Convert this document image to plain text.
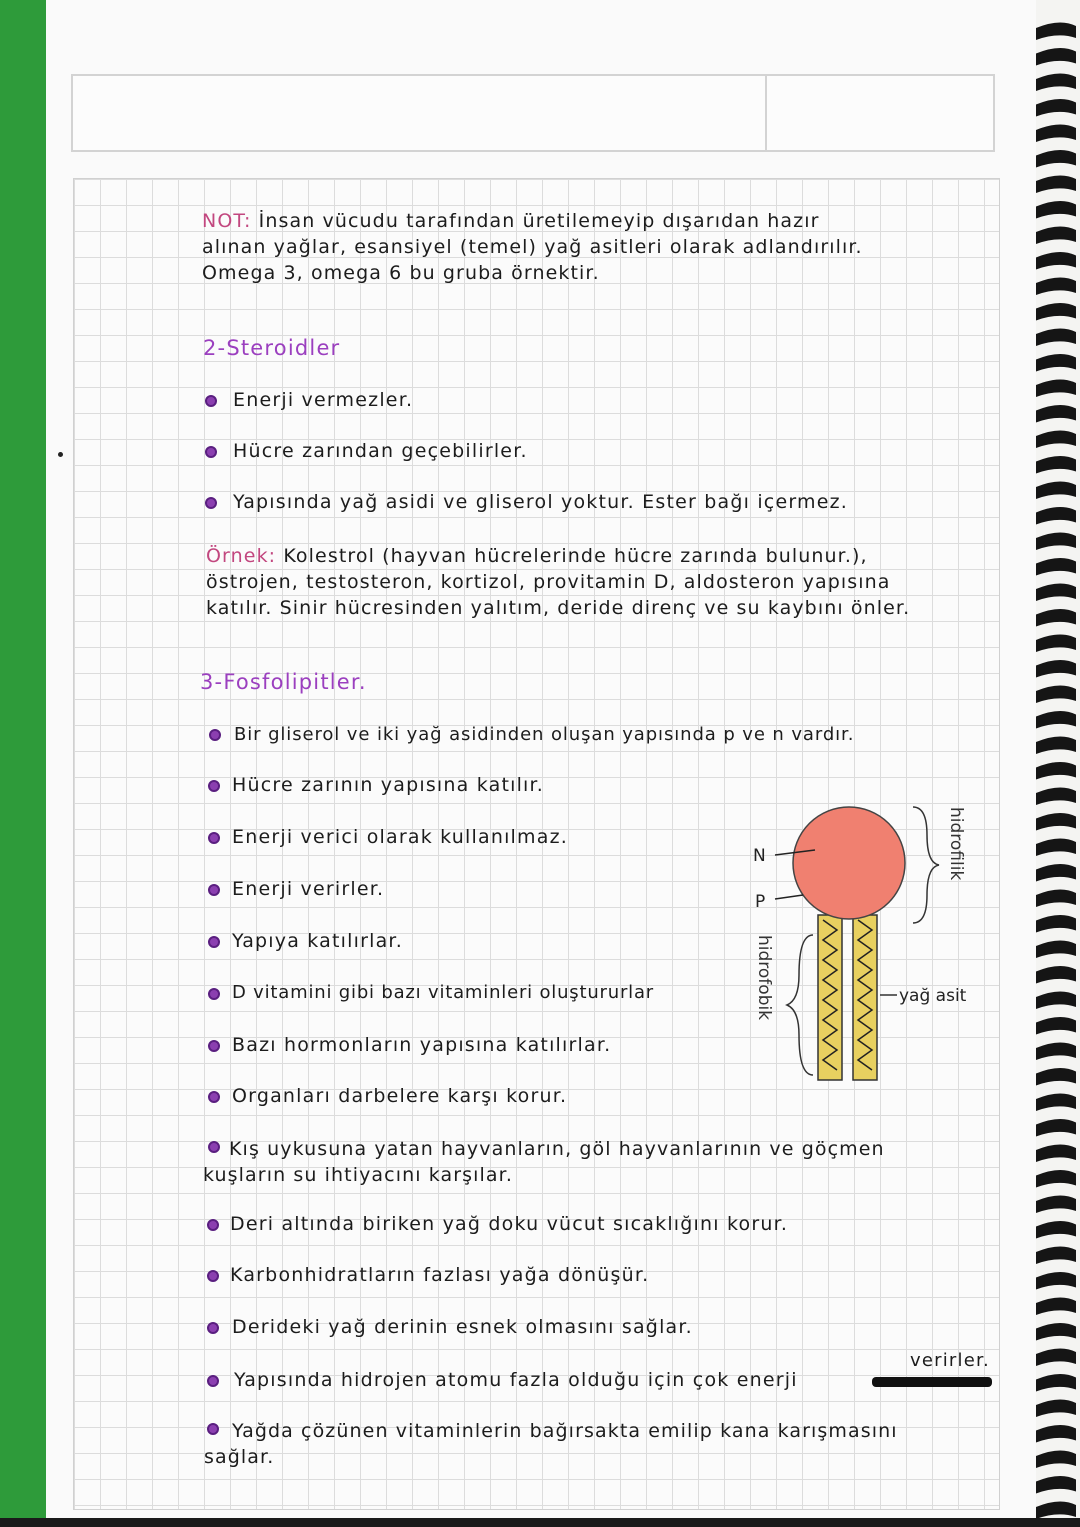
NOT: İnsan vücudu tarafından üretilemeyip dışarıdan hazır
alınan yağlar, esansiyel (temel) yağ asitleri olarak adlandırılır.
Omega 3, omega 6 bu gruba örnektir.
2-Steroidler
Enerji vermezler.
Hücre zarından geçebilirler.
Yapısında yağ asidi ve gliserol yoktur. Ester bağı içermez.
Örnek: Kolestrol (hayvan hücrelerinde hücre zarında bulunur.),
östrojen, testosteron, kortizol, provitamin D, aldosteron yapısına
katılır. Sinir hücresinden yalıtım, deride direnç ve su kaybını önler.
3-Fosfolipitler.
Bir gliserol ve iki yağ asidinden oluşan yapısında p ve n vardır.
Hücre zarının yapısına katılır.
Enerji verici olarak kullanılmaz.
Enerji verirler.
Yapıya katılırlar.
D vitamini gibi bazı vitaminleri oluştururlar
Bazı hormonların yapısına katılırlar.
Organları darbelere karşı korur.
Kış uykusuna yatan hayvanların, göl hayvanlarının ve göçmen
kuşların su ihtiyacını karşılar.
Deri altında biriken yağ doku vücut sıcaklığını korur.
Karbonhidratların fazlası yağa dönüşür.
Derideki yağ derinin esnek olmasını sağlar.
Yapısında hidrojen atomu fazla olduğu için çok enerji
verirler.
Yağda çözünen vitaminlerin bağırsakta emilip kana karışmasını
sağlar.
N
P
hidrofilik
hidrofobik	yağ asit
